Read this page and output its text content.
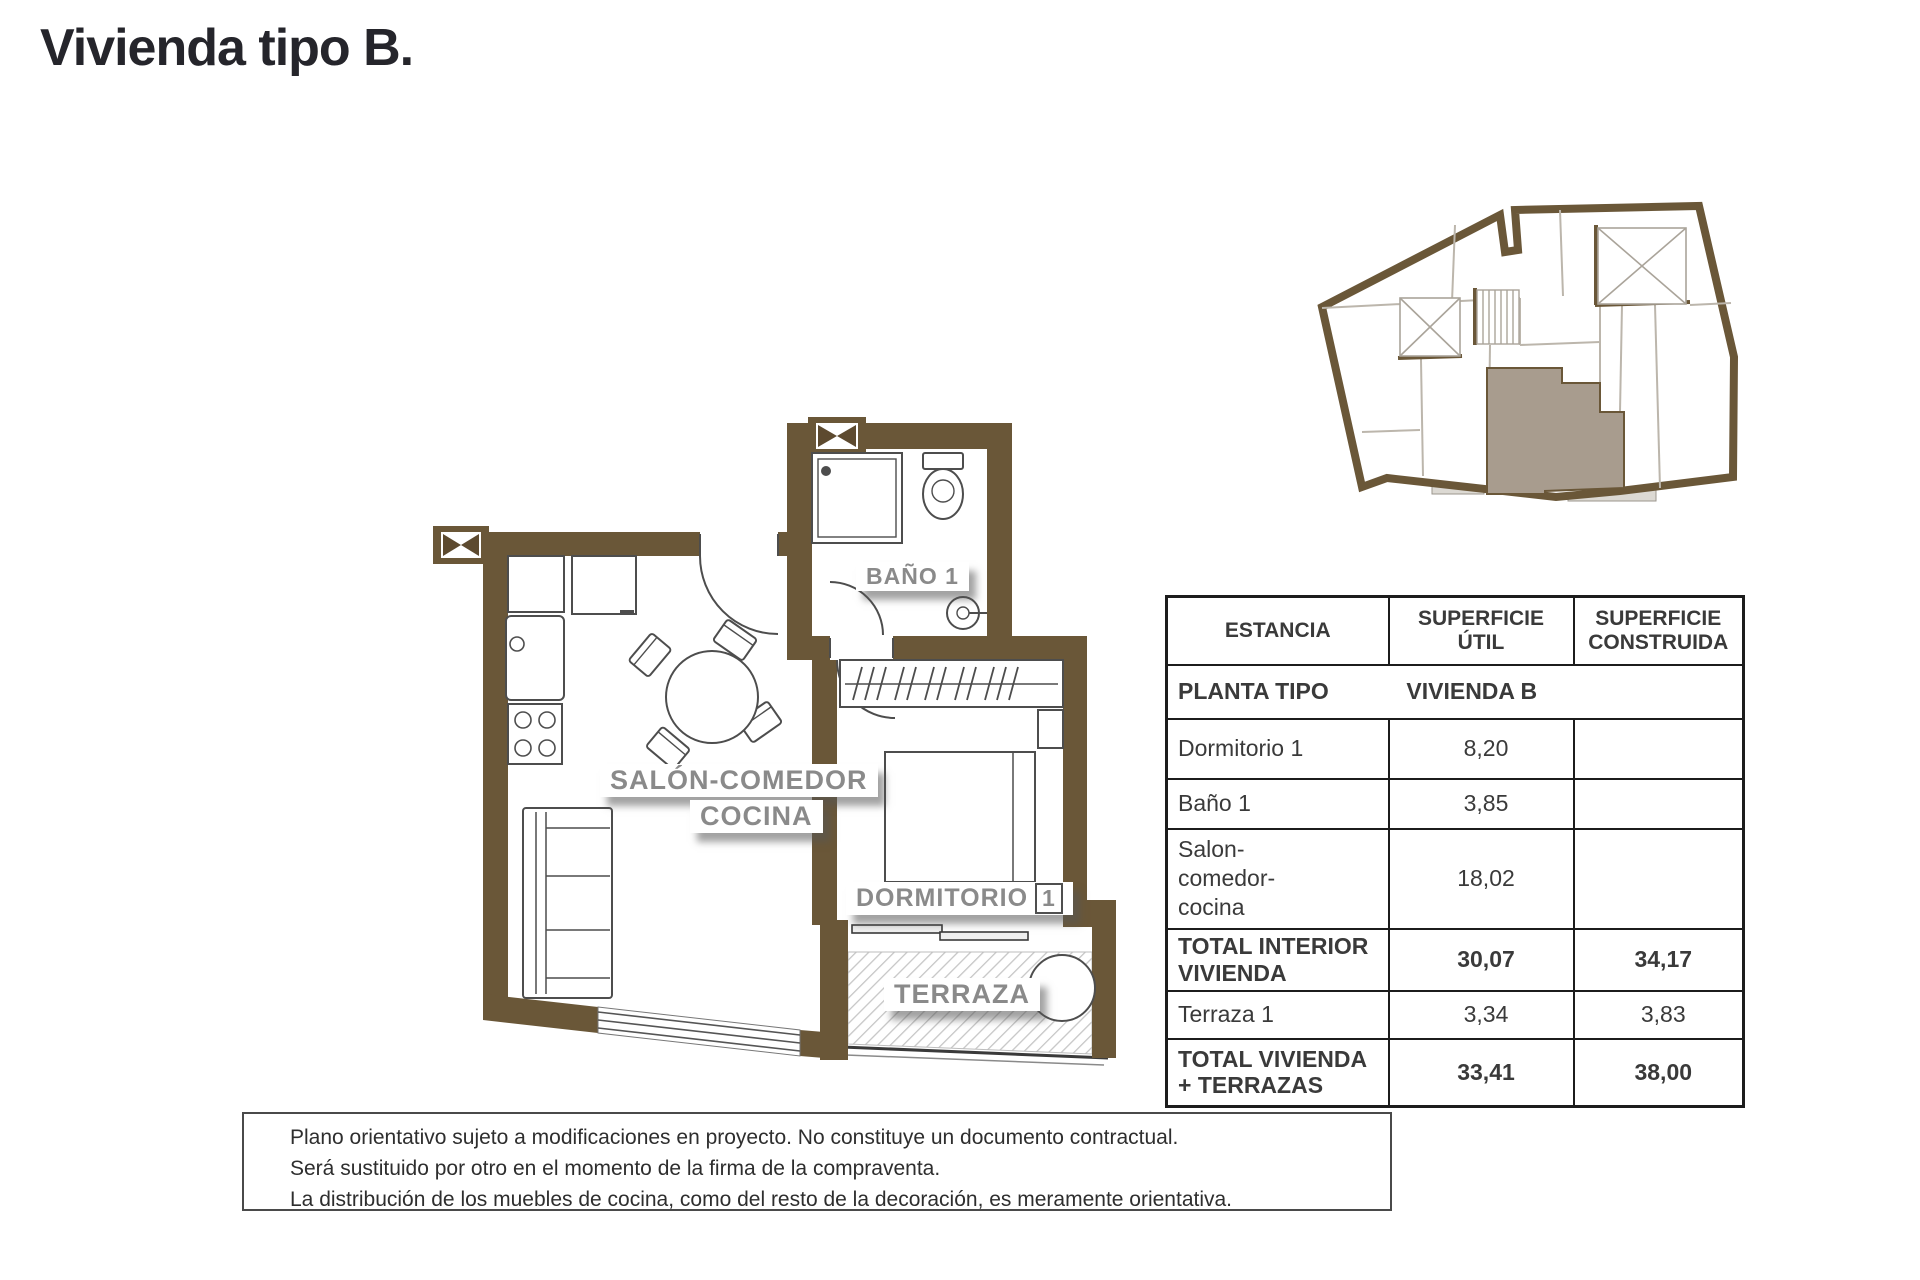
Vivienda tipo B.
SALÓN-COMEDOR
COCINA
BAÑO 1
DORMITORIO 1
TERRAZA
ESTANCIA	SUPERFICIE ÚTIL	SUPERFICIE CONSTRUIDA
PLANTA TIPO VIVIENDA B		
Dormitorio 1	8,20	
Baño 1	3,85	
Salon-comedor-cocina	18,02	
TOTAL INTERIOR VIVIENDA	30,07	34,17
Terraza 1	3,34	3,83
TOTAL VIVIENDA + TERRAZAS	33,41	38,00
Plano orientativo sujeto a modificaciones en proyecto. No constituye un documento contractual.
Será sustituido por otro en el momento de la firma de la compraventa.
La distribución de los muebles de cocina, como del resto de la decoración, es meramente orientativa.
